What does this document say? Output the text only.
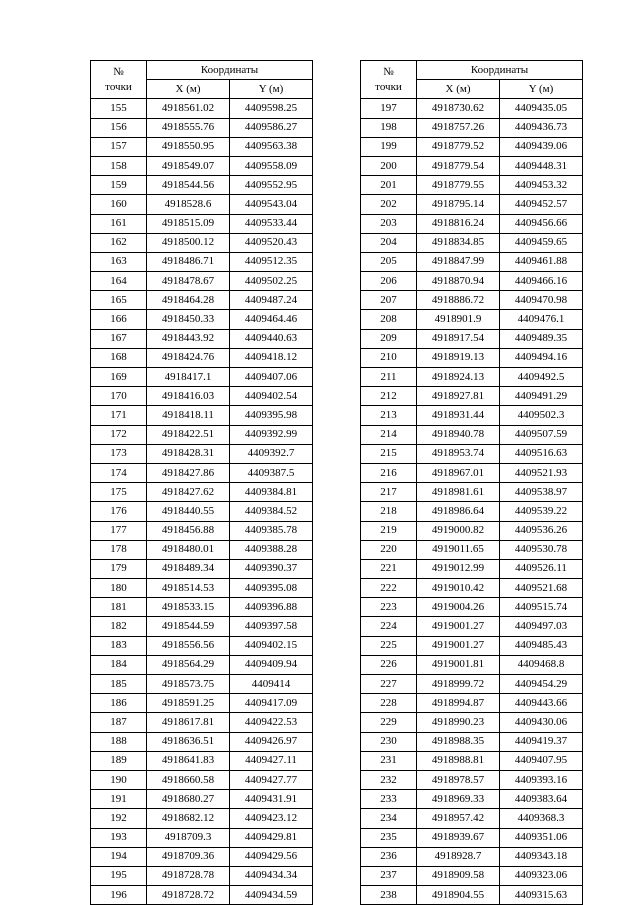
№
точки	Координаты	
	X (м)	Y (м)
155	4918561.02	4409598.25
156	4918555.76	4409586.27
157	4918550.95	4409563.38
158	4918549.07	4409558.09
159	4918544.56	4409552.95
160	4918528.6	4409543.04
161	4918515.09	4409533.44
162	4918500.12	4409520.43
163	4918486.71	4409512.35
164	4918478.67	4409502.25
165	4918464.28	4409487.24
166	4918450.33	4409464.46
167	4918443.92	4409440.63
168	4918424.76	4409418.12
169	4918417.1	4409407.06
170	4918416.03	4409402.54
171	4918418.11	4409395.98
172	4918422.51	4409392.99
173	4918428.31	4409392.7
174	4918427.86	4409387.5
175	4918427.62	4409384.81
176	4918440.55	4409384.52
177	4918456.88	4409385.78
178	4918480.01	4409388.28
179	4918489.34	4409390.37
180	4918514.53	4409395.08
181	4918533.15	4409396.88
182	4918544.59	4409397.58
183	4918556.56	4409402.15
184	4918564.29	4409409.94
185	4918573.75	4409414
186	4918591.25	4409417.09
187	4918617.81	4409422.53
188	4918636.51	4409426.97
189	4918641.83	4409427.11
190	4918660.58	4409427.77
191	4918680.27	4409431.91
192	4918682.12	4409423.12
193	4918709.3	4409429.81
194	4918709.36	4409429.56
195	4918728.78	4409434.34
196	4918728.72	4409434.59
№
точки	Координаты	
	X (м)	Y (м)
197	4918730.62	4409435.05
198	4918757.26	4409436.73
199	4918779.52	4409439.06
200	4918779.54	4409448.31
201	4918779.55	4409453.32
202	4918795.14	4409452.57
203	4918816.24	4409456.66
204	4918834.85	4409459.65
205	4918847.99	4409461.88
206	4918870.94	4409466.16
207	4918886.72	4409470.98
208	4918901.9	4409476.1
209	4918917.54	4409489.35
210	4918919.13	4409494.16
211	4918924.13	4409492.5
212	4918927.81	4409491.29
213	4918931.44	4409502.3
214	4918940.78	4409507.59
215	4918953.74	4409516.63
216	4918967.01	4409521.93
217	4918981.61	4409538.97
218	4918986.64	4409539.22
219	4919000.82	4409536.26
220	4919011.65	4409530.78
221	4919012.99	4409526.11
222	4919010.42	4409521.68
223	4919004.26	4409515.74
224	4919001.27	4409497.03
225	4919001.27	4409485.43
226	4919001.81	4409468.8
227	4918999.72	4409454.29
228	4918994.87	4409443.66
229	4918990.23	4409430.06
230	4918988.35	4409419.37
231	4918988.81	4409407.95
232	4918978.57	4409393.16
233	4918969.33	4409383.64
234	4918957.42	4409368.3
235	4918939.67	4409351.06
236	4918928.7	4409343.18
237	4918909.58	4409323.06
238	4918904.55	4409315.63
